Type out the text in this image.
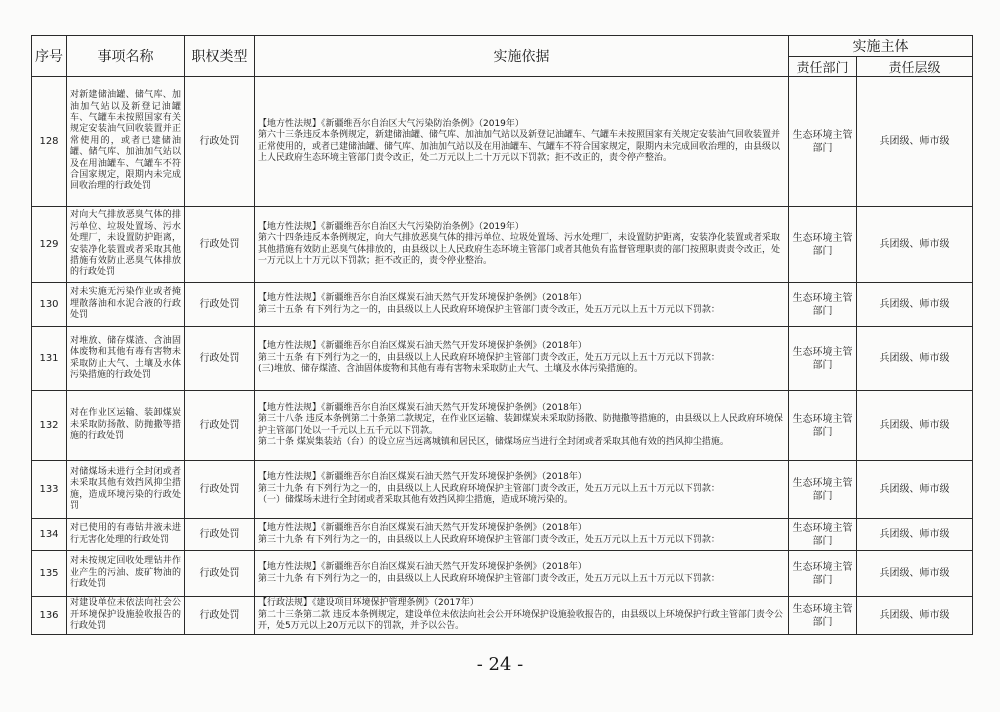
序号	事项名称	职权类型	实施依据	实施主体	
				责任部门	责任层级
128	对新建储油罐、储气库、加油加气站以及新登记油罐车、气罐车未按照国家有关规定安装油气回收装置并正常使用的，或者已建储油罐、储气库、加油加气站以及在用油罐车、气罐车不符合国家规定，限期内未完成回收治理的行政处罚	行政处罚	【地方性法规】《新疆维吾尔自治区大气污染防治条例》（2019年）
第六十三条违反本条例规定，新建储油罐、储气库、加油加气站以及新登记油罐车、气罐车未按照国家有关规定安装油气回收装置并正常使用的，或者已建储油罐、储气库、加油加气站以及在用油罐车、气罐车不符合国家规定，限期内未完成回收治理的，由县级以上人民政府生态环境主管部门责令改正，处二万元以上二十万元以下罚款；拒不改正的，责令停产整治。	生态环境主管部门	兵团级、师市级
129	对向大气排放恶臭气体的排污单位、垃圾处置场、污水处理厂，未设置防护距离，安装净化装置或者采取其他措施有效防止恶臭气体排放的行政处罚	行政处罚	【地方性法规】《新疆维吾尔自治区大气污染防治条例》（2019年）
第六十四条违反本条例规定，向大气排放恶臭气体的排污单位、垃圾处置场、污水处理厂，未设置防护距离，安装净化装置或者采取其他措施有效防止恶臭气体排放的，由县级以上人民政府生态环境主管部门或者其他负有监督管理职责的部门按照职责责令改正，处一万元以上十万元以下罚款；拒不改正的，责令停业整治。	生态环境主管部门	兵团级、师市级
130	对未实施无污染作业或者掩埋散落油和水泥合液的行政处罚	行政处罚	【地方性法规】《新疆维吾尔自治区煤炭石油天然气开发环境保护条例》（2018年）
第三十五条 有下列行为之一的，由县级以上人民政府环境保护主管部门责令改正，处五万元以上五十万元以下罚款：	生态环境主管部门	兵团级、师市级
131	对堆放、储存煤渣、含油固体废物和其他有毒有害物未采取防止大气、土壤及水体污染措施的行政处罚	行政处罚	【地方性法规】《新疆维吾尔自治区煤炭石油天然气开发环境保护条例》（2018年）
第三十五条 有下列行为之一的，由县级以上人民政府环境保护主管部门责令改正，处五万元以上五十万元以下罚款：
(三)堆放、储存煤渣、含油固体废物和其他有毒有害物未采取防止大气、土壤及水体污染措施的。	生态环境主管部门	兵团级、师市级
132	对在作业区运输、装卸煤炭未采取防扬散、防抛撒等措施的行政处罚	行政处罚	【地方性法规】《新疆维吾尔自治区煤炭石油天然气开发环境保护条例》（2018年）
第三十八条 违反本条例第二十条第二款规定，在作业区运输、装卸煤炭未采取防扬散、防抛撒等措施的，由县级以上人民政府环境保护主管部门处以一千元以上五千元以下罚款。
第二十条 煤炭集装站（台）的设立应当远离城镇和居民区，储煤场应当进行全封闭或者采取其他有效的挡风抑尘措施。	生态环境主管部门	兵团级、师市级
133	对储煤场未进行全封闭或者未采取其他有效挡风抑尘措施，造成环境污染的行政处罚	行政处罚	【地方性法规】《新疆维吾尔自治区煤炭石油天然气开发环境保护条例》（2018年）
第三十九条 有下列行为之一的，由县级以上人民政府环境保护主管部门责令改正，处五万元以上五十万元以下罚款：
（一）储煤场未进行全封闭或者采取其他有效挡风抑尘措施，造成环境污染的。	生态环境主管部门	兵团级、师市级
134	对已使用的有毒钻井液未进行无害化处理的行政处罚	行政处罚	【地方性法规】《新疆维吾尔自治区煤炭石油天然气开发环境保护条例》（2018年）
第三十九条 有下列行为之一的，由县级以上人民政府环境保护主管部门责令改正，处五万元以上五十万元以下罚款：	生态环境主管部门	兵团级、师市级
135	对未按规定回收处理钻井作业产生的污油、废矿物油的行政处罚	行政处罚	【地方性法规】《新疆维吾尔自治区煤炭石油天然气开发环境保护条例》（2018年）
第三十九条 有下列行为之一的，由县级以上人民政府环境保护主管部门责令改正，处五万元以上五十万元以下罚款：	生态环境主管部门	兵团级、师市级
136	对建设单位未依法向社会公开环境保护设施验收报告的行政处罚	行政处罚	【行政法规】《建设项目环境保护管理条例》（2017年）
第二十三条第二款 违反本条例规定，建设单位未依法向社会公开环境保护设施验收报告的，由县级以上环境保护行政主管部门责令公开，处5万元以上20万元以下的罚款，并予以公告。	生态环境主管部门	兵团级、师市级
- 24 -
